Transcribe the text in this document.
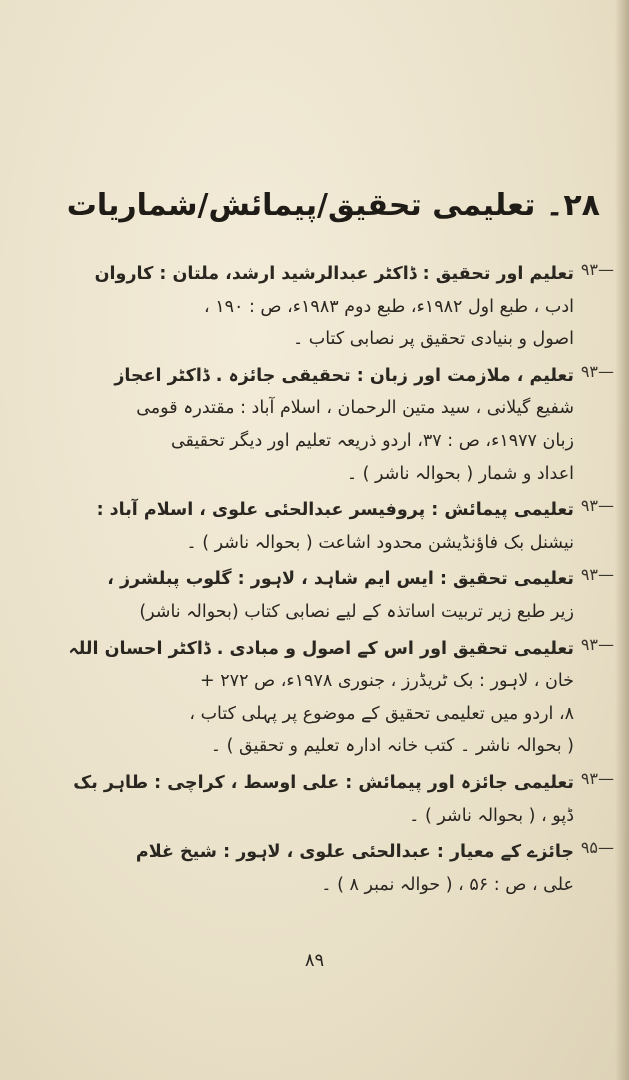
۲۸۔ تعلیمی تحقیق/پیمائش/شماریات
—۹۳
تعلیم اور تحقیق : ڈاکٹر عبدالرشید ارشد، ملتان : کاروان
ادب ، طبع اول ۱۹۸۲ء، طبع دوم ۱۹۸۳ء، ص : ۱۹۰ ،
اصول و بنیادی تحقیق پر نصابی کتاب ۔
—۹۳
تعلیم ، ملازمت اور زبان : تحقیقی جائزہ . ڈاکٹر اعجاز
شفیع گیلانی ، سید متین الرحمان ، اسلام آباد : مقتدرہ قومی
زبان ۱۹۷۷ء، ص : ۳۷، اردو ذریعہ تعلیم اور دیگر تحقیقی
اعداد و شمار ( بحوالہ ناشر ) ۔
—۹۳
تعلیمی پیمائش : پروفیسر عبدالحئی علوی ، اسلام آباد :
نیشنل بک فاؤنڈیشن محدود اشاعت ( بحوالہ ناشر ) ۔
—۹۳
تعلیمی تحقیق : ایس ایم شاہد ، لاہور : گلوب پبلشرز ،
زیر طبع زیر تربیت اساتذہ کے لیے نصابی کتاب (بحوالہ ناشر)
—۹۳
تعلیمی تحقیق اور اس کے اصول و مبادی . ڈاکٹر احسان اللہ
خان ، لاہور : بک ٹریڈرز ، جنوری ۱۹۷۸ء، ص ۲۷۲ +
۸، اردو میں تعلیمی تحقیق کے موضوع پر پہلی کتاب ،
( بحوالہ ناشر ۔ کتب خانہ ادارہ تعلیم و تحقیق ) ۔
—۹۳
تعلیمی جائزہ اور پیمائش : علی اوسط ، کراچی : طاہر بک
ڈپو ، ( بحوالہ ناشر ) ۔
—۹۵
جائزے کے معیار : عبدالحئی علوی ، لاہور : شیخ غلام
علی ، ص : ۵۶ ، ( حوالہ نمبر ۸ ) ۔
۸۹
